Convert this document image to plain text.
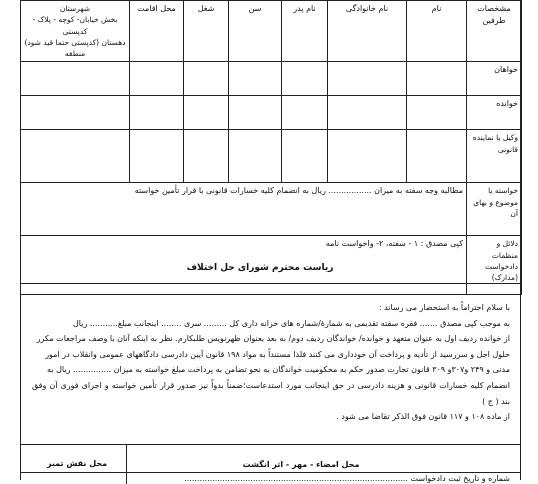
مشخصات طرفین	نام	نام خانوادگی	نام پدر	سن	شغل	محل اقامت	شهرستان
بخش خیابان- کوچه - پلاک - کدپستی
دهستان (کدپستی حتما قید شود)
منطقه

خواهان							
خوانده							
وکیل یا نماینده قانونی							
خواسته یا موضوع و بهای آن	مطالبه وجه سفته به میزان ................. ریال به انضمام کلیه خسارات قانونی با قرار تأمین خواسته						
دلائل و منظمات دادخواست (مدارک)	کپی مصدق : ۱ - سفته، ۲- واخواست نامه						
ریاست محترم شورای حل اختلاف

با سلام احتراماً به استحضار می رساند :

به موجب کپی مصدق ....... فقره سفته تقدیمی به شمارهٔ/شماره های خزانه داری کل ......... سری ........ اینجانب مبلغ........... ریال

از خوانده ردیف اول به عنوان متعهد و خوانده/ خواندگان ردیف دوم/ به بعد بعنوان ظهرنویس طلبکارم. نظر به اینکه آنان با وصف مراجعات مکرر

حلول اجل و سررسید از تأدیه و پرداخت آن خودداری می کنند فلذا مستنداً به مواد ۱۹۸ قانون آیین دادرسی دادگاههای عمومی وانقلاب در امور

مدنی و ۲۴۹ و۳۰۷و ۳۰۹ قانون تجارت صدور حکم به محکومیت خواندگان به نحو تضامن به پرداخت مبلغ خواسته به میزان ............... ریال به

انضمام کلیه خسارات قانونی و هزینه دادرسی در حق اینجانب مورد استدعاست؛ضمناً بدواً نیز صدور قرار تأمین خواسته و اجرای فوری آن وفق بند ( ج )

از ماده ۱۰۸ و ۱۱۷ قانون فوق الذکر تقاضا می شود .

محل امضاء - مهر - اثر انگشت
محل نقش تمبر
شماره و تاریخ ثبت دادخواست ........................................................................................
